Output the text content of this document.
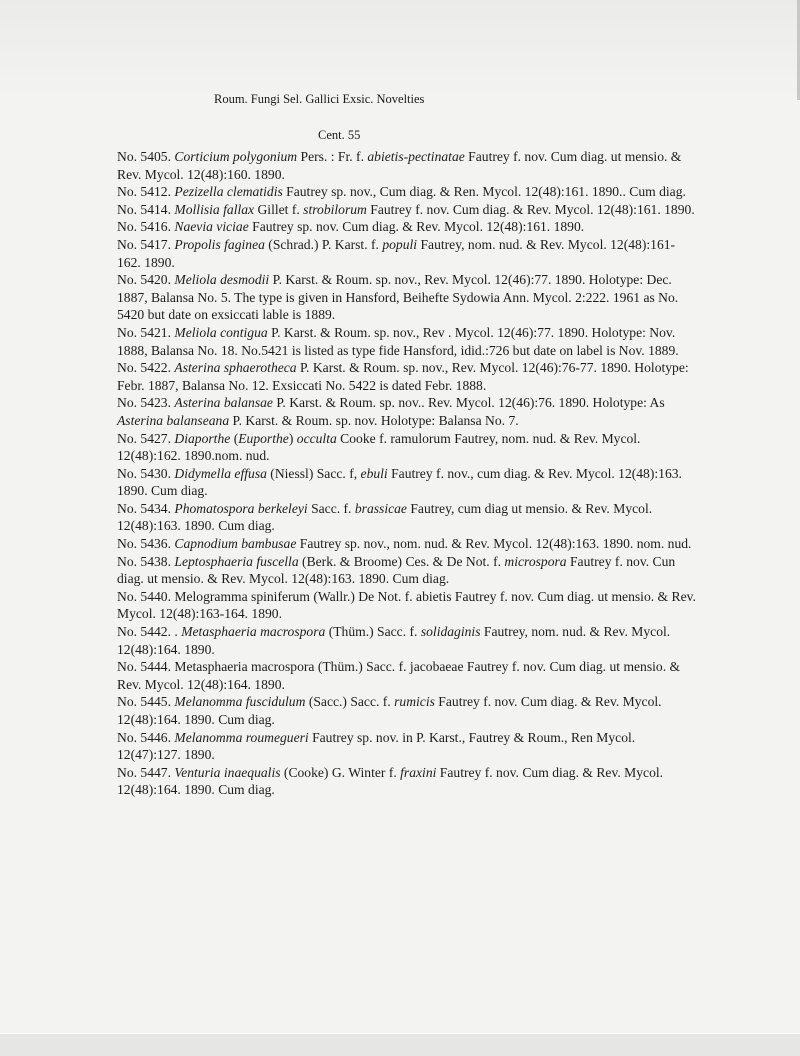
Roum. Fungi Sel. Gallici Exsic. Novelties
Cent. 55

No. 5405. Corticium polygonium Pers. : Fr. f. abietis-pectinatae Fautrey f. nov. Cum diag. ut mensio. & Rev. Mycol. 12(48):160. 1890.

No. 5412. Pezizella clematidis Fautrey sp. nov., Cum diag. & Ren. Mycol. 12(48):161. 1890.. Cum diag.

No. 5414. Mollisia fallax Gillet f. strobilorum Fautrey f. nov. Cum diag. & Rev. Mycol. 12(48):161. 1890.

No. 5416. Naevia viciae Fautrey sp. nov. Cum diag. & Rev. Mycol. 12(48):161. 1890.

No. 5417. Propolis faginea (Schrad.) P. Karst. f. populi Fautrey, nom. nud. & Rev. Mycol. 12(48):161-162. 1890.

No. 5420. Meliola desmodii P. Karst. & Roum. sp. nov., Rev. Mycol. 12(46):77. 1890. Holotype: Dec. 1887, Balansa No. 5. The type is given in Hansford, Beihefte Sydowia Ann. Mycol. 2:222. 1961 as No. 5420 but date on exsiccati lable is 1889.

No. 5421. Meliola contigua P. Karst. & Roum. sp. nov., Rev . Mycol. 12(46):77. 1890. Holotype: Nov. 1888, Balansa No. 18. No.5421 is listed as type fide Hansford, idid.:726 but date on label is Nov. 1889.

No. 5422. Asterina sphaerotheca P. Karst. & Roum. sp. nov., Rev. Mycol. 12(46):76-77. 1890. Holotype: Febr. 1887, Balansa No. 12. Exsiccati No. 5422 is dated Febr. 1888.

No. 5423. Asterina balansae P. Karst. & Roum. sp. nov.. Rev. Mycol. 12(46):76. 1890. Holotype: As Asterina balanseana P. Karst. & Roum. sp. nov. Holotype: Balansa No. 7.

No. 5427. Diaporthe (Euporthe) occulta Cooke f. ramulorum Fautrey, nom. nud. & Rev. Mycol. 12(48):162. 1890.nom. nud.

No. 5430. Didymella effusa (Niessl) Sacc. f, ebuli Fautrey f. nov., cum diag. & Rev. Mycol. 12(48):163. 1890. Cum diag.

No. 5434. Phomatospora berkeleyi Sacc. f. brassicae Fautrey, cum diag ut mensio. & Rev. Mycol. 12(48):163. 1890. Cum diag.

No. 5436. Capnodium bambusae Fautrey sp. nov., nom. nud. & Rev. Mycol. 12(48):163. 1890. nom. nud.

No. 5438. Leptosphaeria fuscella (Berk. & Broome) Ces. & De Not. f. microspora Fautrey f. nov. Cun diag. ut mensio. & Rev. Mycol. 12(48):163. 1890. Cum diag.

No. 5440. Melogramma spiniferum (Wallr.) De Not. f. abietis Fautrey f. nov. Cum diag. ut mensio. & Rev. Mycol. 12(48):163-164. 1890.

No. 5442. . Metasphaeria macrospora (Thüm.) Sacc. f. solidaginis Fautrey, nom. nud. & Rev. Mycol. 12(48):164. 1890.

No. 5444. Metasphaeria macrospora (Thüm.) Sacc. f. jacobaeae Fautrey f. nov. Cum diag. ut mensio. & Rev. Mycol. 12(48):164. 1890.

No. 5445. Melanomma fuscidulum (Sacc.) Sacc. f. rumicis Fautrey f. nov. Cum diag. & Rev. Mycol. 12(48):164. 1890. Cum diag.

No. 5446. Melanomma roumegueri Fautrey sp. nov. in P. Karst., Fautrey & Roum., Ren Mycol. 12(47):127. 1890.

No. 5447. Venturia inaequalis (Cooke) G. Winter f. fraxini Fautrey f. nov. Cum diag. & Rev. Mycol. 12(48):164. 1890. Cum diag.
